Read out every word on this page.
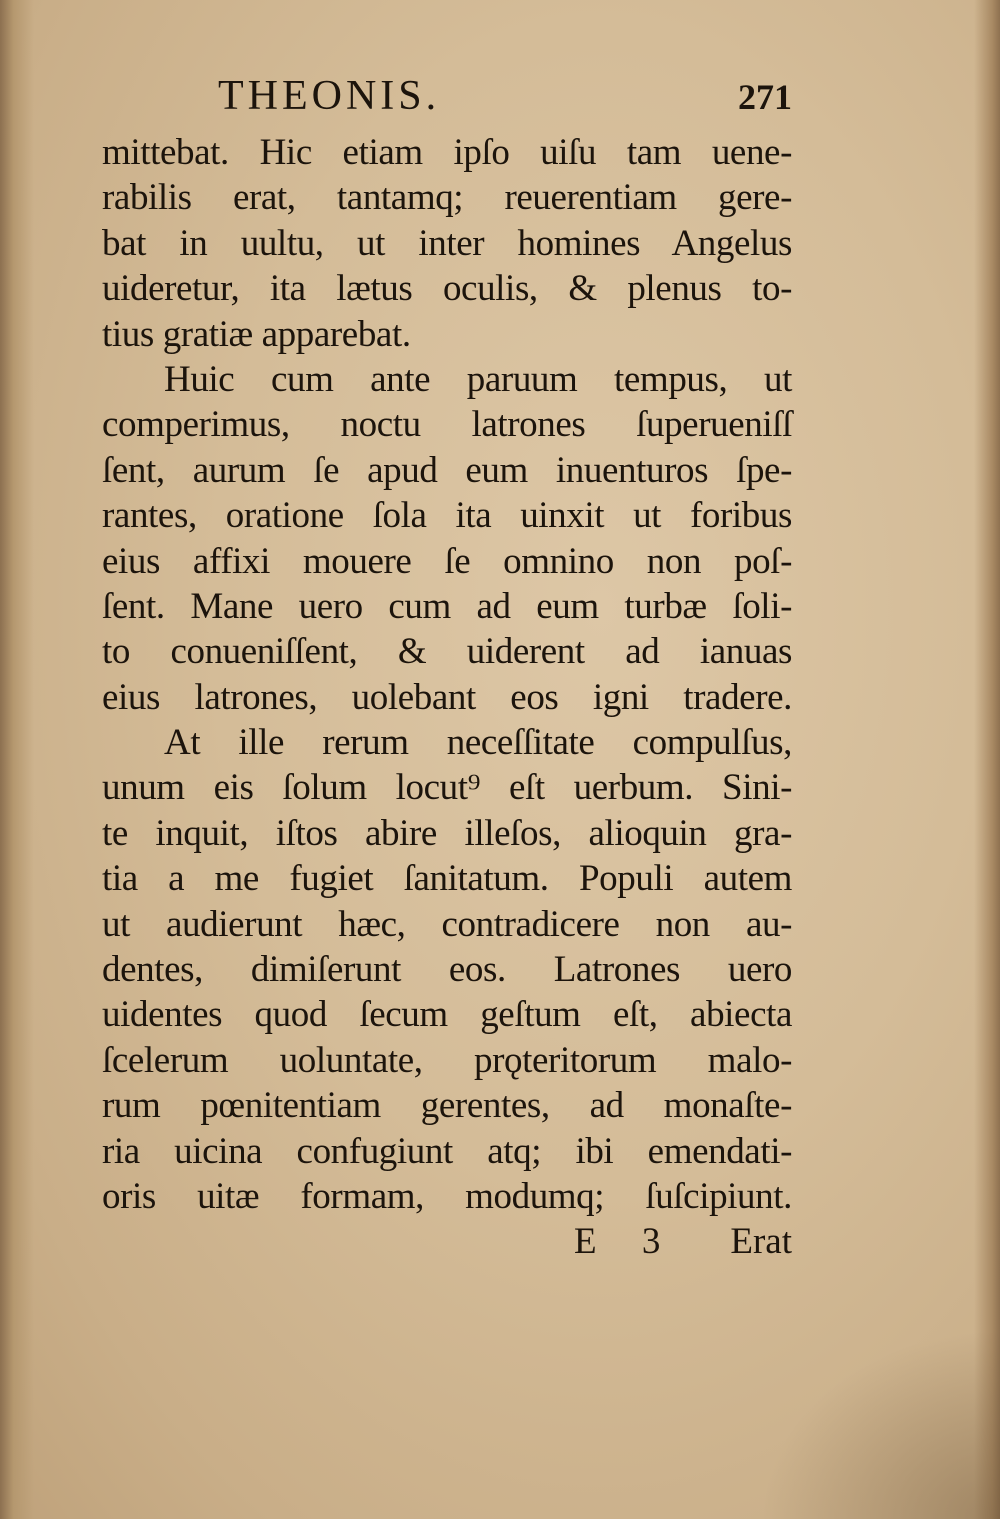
THEONIS.	271
mittebat. Hic etiam ipſo uiſu tam uene-
rabilis erat, tantamq; reuerentiam gere-
bat in uultu, ut inter homines Angelus
uideretur, ita lætus oculis, & plenus to-
tius gratiæ apparebat.
Huic cum ante paruum tempus, ut
comperimus, noctu latrones ſuperueniſſ
ſent, aurum ſe apud eum inuenturos ſpe-
rantes, oratione ſola ita uinxit ut foribus
eius affixi mouere ſe omnino non poſ-
ſent. Mane uero cum ad eum turbæ ſoli-
to conueniſſent, & uiderent ad ianuas
eius latrones, uolebant eos igni tradere.
At ille rerum neceſſitate compulſus,
unum eis ſolum locut⁹ eſt uerbum. Sini-
te inquit, iſtos abire illeſos, alioquin gra-
tia a me fugiet ſanitatum. Populi autem
ut audierunt hæc, contradicere non au-
dentes, dimiſerunt eos. Latrones uero
uidentes quod ſecum geſtum eſt, abiecta
ſcelerum uoluntate, prǫteritorum malo-
rum pœnitentiam gerentes, ad monaſte-
ria uicina confugiunt atq; ibi emendati-
oris uitæ formam, modumq; ſuſcipiunt.
E 3 Erat
